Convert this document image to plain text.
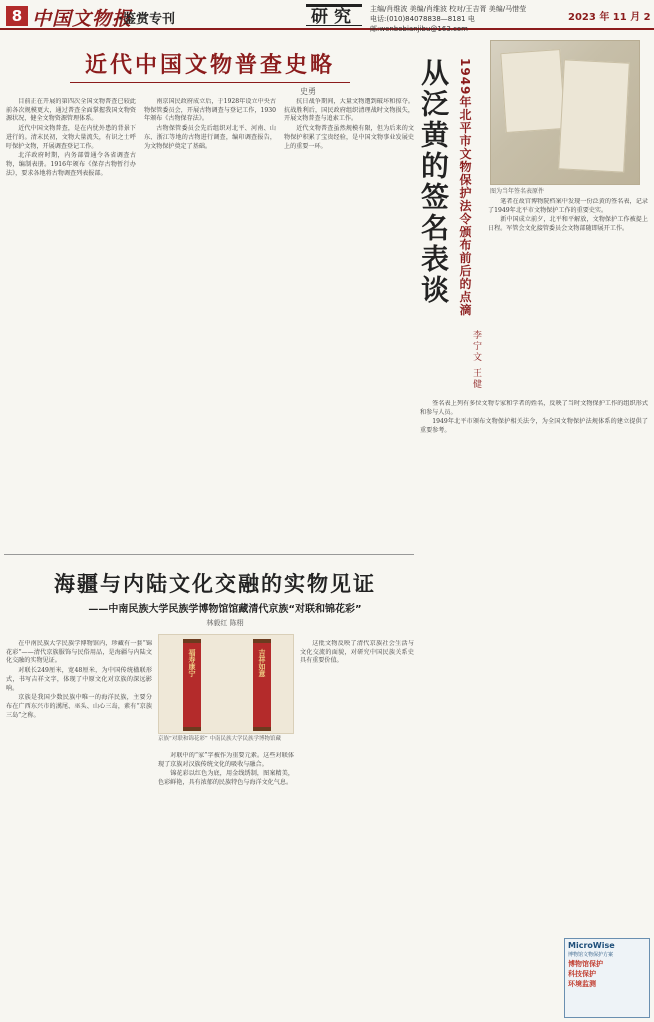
8 中国文物报
·鉴赏专刊	研究	主编/肖维波 美编/肖维波 校对/王吉胥 美编/马惜莹
电话:(010)84078838—8181 电邮:wenbobianjibu@163.com
2023 年 11 月 2
近代中国文物普查史略
史勇

目前正在开展的第四次全国文物普查已较此前各次规模更大，通过普查全面掌握我国文物资源状况，健全文物资源管理体系。

近代中国文物普查，是在内忧外患的背景下进行的。清末民初，文物大量流失，有识之士呼吁保护文物，开展调查登记工作。

北洋政府时期，内务部曾通令各省调查古物，编制表册。1916年颁布《保存古物暂行办法》，要求各地将古物调查列表报部。

南京国民政府成立后，于1928年设立中央古物保管委员会，开展古物调查与登记工作，1930年颁布《古物保存法》。

古物保管委员会先后组织对北平、河南、山东、浙江等地的古物进行调查，编印调查报告，为文物保护奠定了基础。

抗日战争期间，大量文物遭到破坏和掠夺。抗战胜利后，国民政府组织清理战时文物损失，开展文物普查与追索工作。

近代文物普查虽然规模有限，但为后来的文物保护积累了宝贵经验，是中国文物事业发展史上的重要一环。	从泛黄的签名表谈 1949年北平市文物保护法令颁布前后的点滴
李宁文 王健
图为当年签名表原件

笔者在故宫博物院档案中发现一份泛黄的签名表，记录了1949年北平市文物保护工作的重要史实。

新中国成立前夕，北平和平解放，文物保护工作被提上日程。军管会文化接管委员会文物部随即展开工作。

签名表上列有多位文物专家和学者的姓名，反映了当时文物保护工作的组织形式和参与人员。

1949年北平市颁布文物保护相关法令，为全国文物保护法规体系的建立提供了重要参考。

海疆与内陆文化交融的实物见证
——中南民族大学民族学博物馆馆藏清代京族“对联和锦花彩”
林毅红 陈栩

在中南民族大学民族学博物馆内，珍藏有一套“锦花彩”——清代京族服饰与民俗用品，是海疆与内陆文化交融的实物见证。

对联长249厘米，宽48厘米，为中国传统楹联形式，书写吉祥文字，体现了中原文化对京族的深远影响。

京族是我国少数民族中唯一的海洋民族，主要分布在广西东兴市的澫尾、巫头、山心三岛，素有“京族三岛”之称。

福寿康宁	吉祥如意
京族“对联和锦花彩” 中南民族大学民族学博物馆藏

对联中的“家”字被作为重要元素。这些对联体现了京族对汉族传统文化的吸收与融合。

锦花彩以红色为底，用金线绣制，图案精美，色彩鲜艳，具有浓郁的民族特色与海洋文化气息。

这批文物反映了清代京族社会生活与文化交流的面貌，对研究中国民族关系史具有重要价值。

MicroWise
博物馆文物保护方案
博物馆保护
科技保护
环境监测
